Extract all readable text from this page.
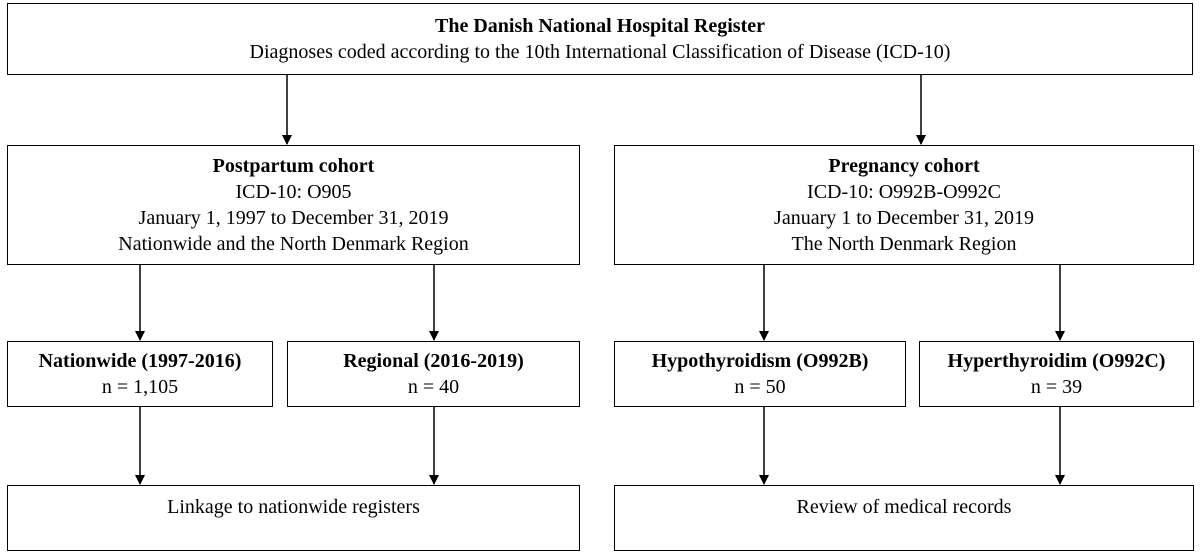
The Danish National Hospital Register
Diagnoses coded according to the 10th International Classification of Disease (ICD-10)
Postpartum cohort
ICD-10: O905
January 1, 1997 to December 31, 2019
Nationwide and the North Denmark Region
Pregnancy cohort
ICD-10: O992B-O992C
January 1 to December 31, 2019
The North Denmark Region
Nationwide (1997-2016)
n = 1,105
Regional (2016-2019)
n = 40
Hypothyroidism (O992B)
n = 50
Hyperthyroidim (O992C)
n = 39
Linkage to nationwide registers	Review of medical records
